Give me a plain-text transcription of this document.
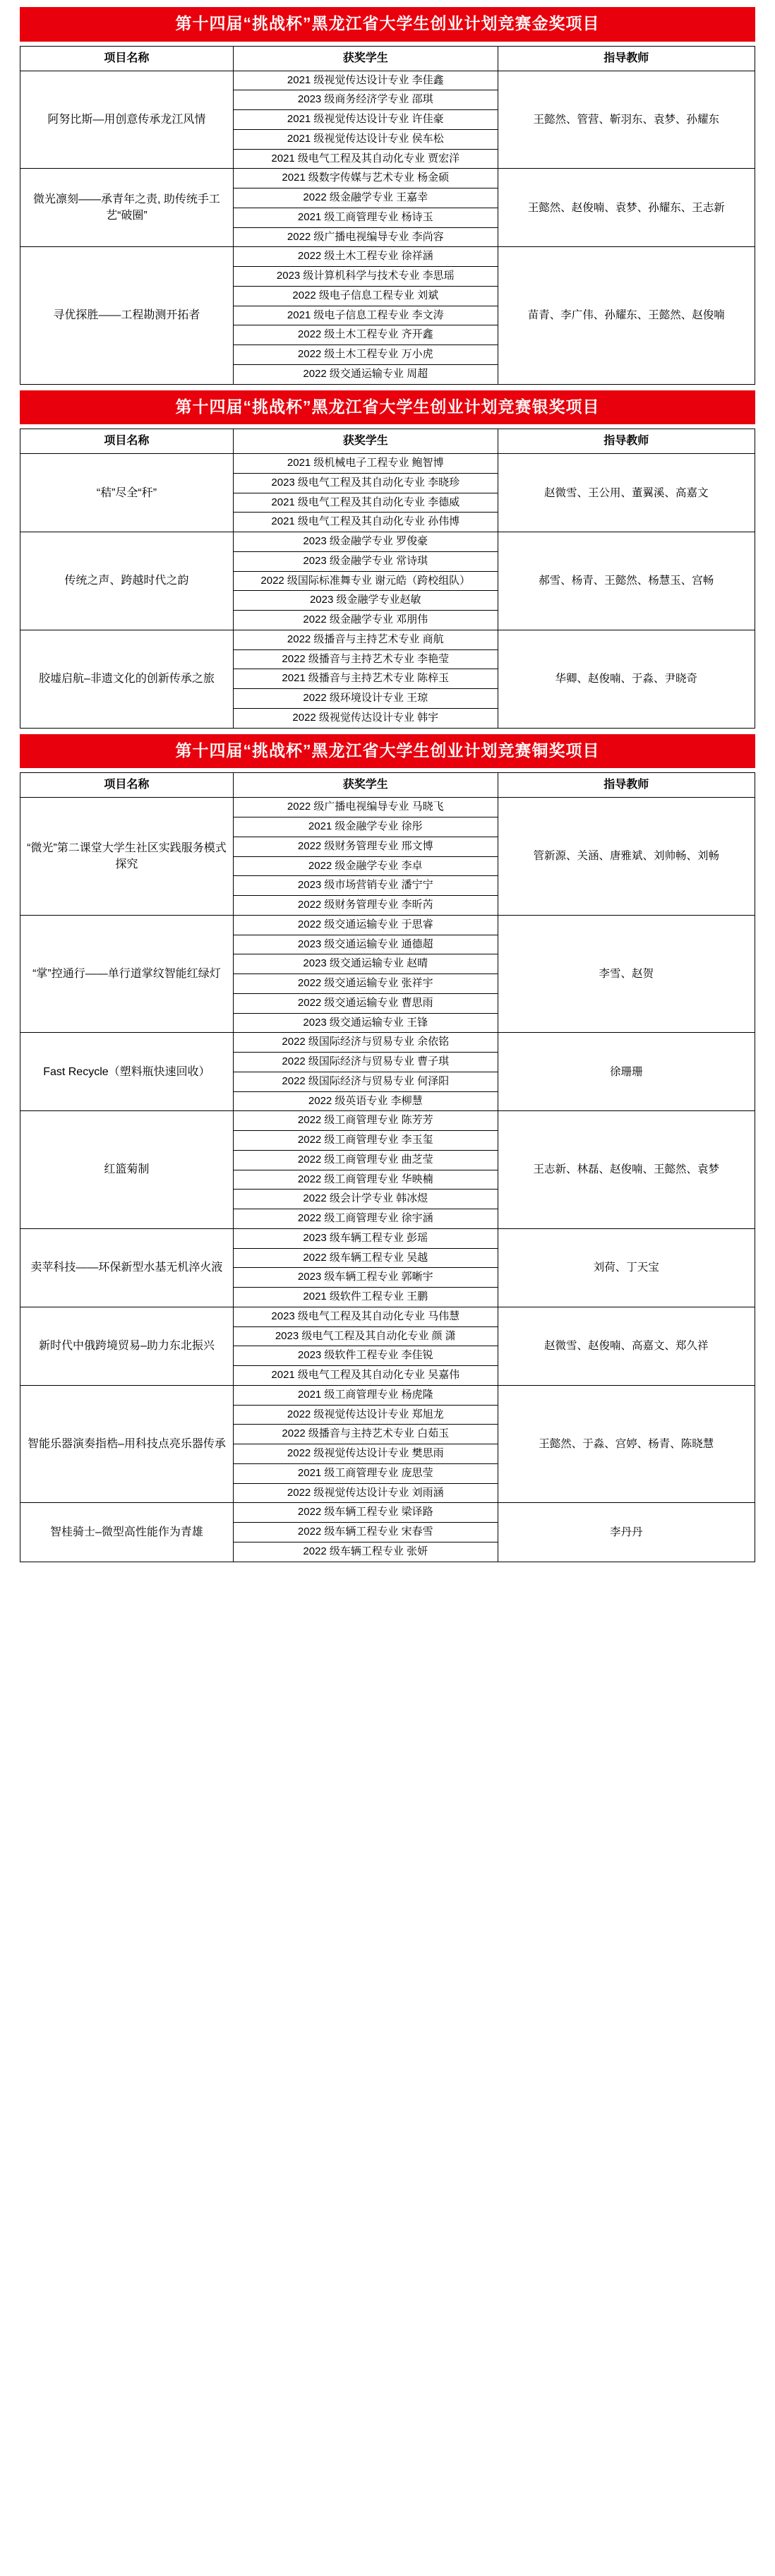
第十四届“挑战杯”黑龙江省大学生创业计划竞赛金奖项目
项目名称	获奖学生	指导教师
阿努比斯—用创意传承龙江风情	2021 级视觉传达设计专业 李佳鑫	王懿然、管营、靳羽东、袁梦、孙耀东
	2023 级商务经济学专业 邵琪	
	2021 级视觉传达设计专业 许佳豪	
	2021 级视觉传达设计专业 侯车松	
	2021 级电气工程及其自动化专业 贾宏洋	
微光凛刻——承青年之责, 助传统手工艺“破圈”	2021 级数字传媒与艺术专业 杨金硕	王懿然、赵俊喃、袁梦、孙耀东、王志新
	2022 级金融学专业 王嘉幸	
	2021 级工商管理专业 杨诗玉	
	2022 级广播电视编导专业 李尚容	
寻优探胜——工程勘测开拓者	2022 级土木工程专业 徐祥涵	苗青、李广伟、孙耀东、王懿然、赵俊喃
	2023 级计算机科学与技术专业 李思瑶	
	2022 级电子信息工程专业 刘斌	
	2021 级电子信息工程专业 李文涛	
	2022 级土木工程专业 齐开鑫	
	2022 级土木工程专业 万小虎	
	2022 级交通运输专业 周超	
第十四届“挑战杯”黑龙江省大学生创业计划竞赛银奖项目
项目名称	获奖学生	指导教师
“秸”尽全“秆”	2021 级机械电子工程专业 鲍智博	赵微雪、王公用、董翼溪、高嘉文
	2023 级电气工程及其自动化专业 李晓珍	
	2021 级电气工程及其自动化专业 李德威	
	2021 级电气工程及其自动化专业 孙伟博	
传统之声、跨越时代之韵	2023 级金融学专业 罗俊豪	郝雪、杨青、王懿然、杨慧玉、宫畅
	2023 级金融学专业 常诗琪	
	2022 级国际标准舞专业 谢元皓（跨校组队）	
	2023 级金融学专业赵敏	
	2022 级金融学专业 邓朋伟	
胶墟启航–非遗文化的创新传承之旅	2022 级播音与主持艺术专业 商航	华卿、赵俊喃、于淼、尹晓奇
	2022 级播音与主持艺术专业 李艳莹	
	2021 级播音与主持艺术专业 陈梓玉	
	2022 级环境设计专业 王琼	
	2022 级视觉传达设计专业 韩宇	
第十四届“挑战杯”黑龙江省大学生创业计划竞赛铜奖项目
项目名称	获奖学生	指导教师
“微光”第二课堂大学生社区实践服务模式探究	2022 级广播电视编导专业 马晓飞	管新源、关涵、唐雅斌、刘帅畅、刘畅
	2021 级金融学专业 徐彤	
	2022 级财务管理专业 邢文博	
	2022 级金融学专业 李卓	
	2023 级市场营销专业 潘宁宁	
	2022 级财务管理专业 李昕芮	
“掌”控通行——单行道掌纹智能红绿灯	2022 级交通运输专业 于思睿	李雪、赵贺
	2023 级交通运输专业 通德超	
	2023 级交通运输专业 赵晴	
	2022 级交通运输专业 张祥宇	
	2022 级交通运输专业 曹思雨	
	2023 级交通运输专业 王锋	
Fast Recycle（塑料瓶快速回收）	2022 级国际经济与贸易专业 余依铭	徐珊珊
	2022 级国际经济与贸易专业 曹子琪	
	2022 级国际经济与贸易专业 何泽阳	
	2022 级英语专业 李柳慧	
红篮菊制	2022 级工商管理专业 陈芳芳	王志新、林磊、赵俊喃、王懿然、袁梦
	2022 级工商管理专业 李玉玺	
	2022 级工商管理专业 曲芝莹	
	2022 级工商管理专业 华映楠	
	2022 级会计学专业 韩冰煜	
	2022 级工商管理专业 徐宇涵	
卖苹科技——环保新型水基无机淬火液	2023 级车辆工程专业 彭瑶	刘荷、丁天宝
	2022 级车辆工程专业 吴越	
	2023 级车辆工程专业 郭晰宇	
	2021 级软件工程专业 王鹏	
新时代中俄跨境贸易–助力东北振兴	2023 级电气工程及其自动化专业 马伟慧	赵微雪、赵俊喃、高嘉文、郑久祥
	2023 级电气工程及其自动化专业 颜 潇	
	2023 级软件工程专业 李佳锐	
	2021 级电气工程及其自动化专业 吴嘉伟	
智能乐器演奏指梏–用科技点亮乐器传承	2021 级工商管理专业 杨虎隆	王懿然、于淼、宫婷、杨青、陈晓慧
	2022 级视觉传达设计专业 郑旭龙	
	2022 级播音与主持艺术专业 白茹玉	
	2022 级视觉传达设计专业 樊思雨	
	2021 级工商管理专业 庞思莹	
	2022 级视觉传达设计专业 刘雨涵	
智桂骑士–微型高性能作为青雄	2022 级车辆工程专业 梁译路	李丹丹
	2022 级车辆工程专业 宋春雪	
	2022 级车辆工程专业 张妍	
